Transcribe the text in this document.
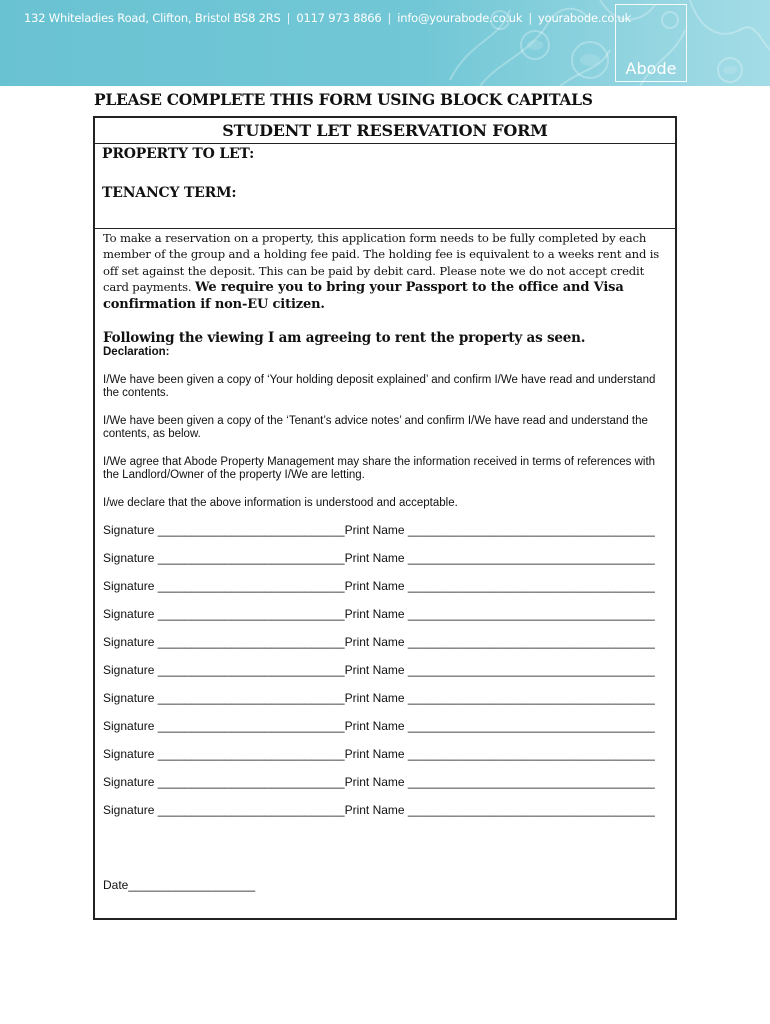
132 Whiteladies Road, Clifton, Bristol BS8 2RS | 0117 973 8866 | info@yourabode.co.uk | yourabode.co.uk
Abode
PLEASE COMPLETE THIS FORM USING BLOCK CAPITALS
STUDENT LET RESERVATION FORM
PROPERTY TO LET:
TENANCY TERM:

To make a reservation on a property, this application form needs to be fully completed by each member of the group and a holding fee paid. The holding fee is equivalent to a weeks rent and is off set against the deposit. This can be paid by debit card. Please note we do not accept credit card payments. We require you to bring your Passport to the office and Visa confirmation if non-EU citizen.

Following the viewing I am agreeing to rent the property as seen.

Declaration:

I/We have been given a copy of ‘Your holding deposit explained’ and confirm I/We have read and understand the contents.

I/We have been given a copy of the ‘Tenant’s advice notes’ and confirm I/We have read and understand the contents, as below.

I/We agree that Abode Property Management may share the information received in terms of references with the Landlord/Owner of the property I/We are letting.

I/we declare that the above information is understood and acceptable.

Signature ____________________________Print Name _____________________________________
Signature ____________________________Print Name _____________________________________
Signature ____________________________Print Name _____________________________________
Signature ____________________________Print Name _____________________________________
Signature ____________________________Print Name _____________________________________
Signature ____________________________Print Name _____________________________________
Signature ____________________________Print Name _____________________________________
Signature ____________________________Print Name _____________________________________
Signature ____________________________Print Name _____________________________________
Signature ____________________________Print Name _____________________________________
Signature ____________________________Print Name _____________________________________
Date___________________
